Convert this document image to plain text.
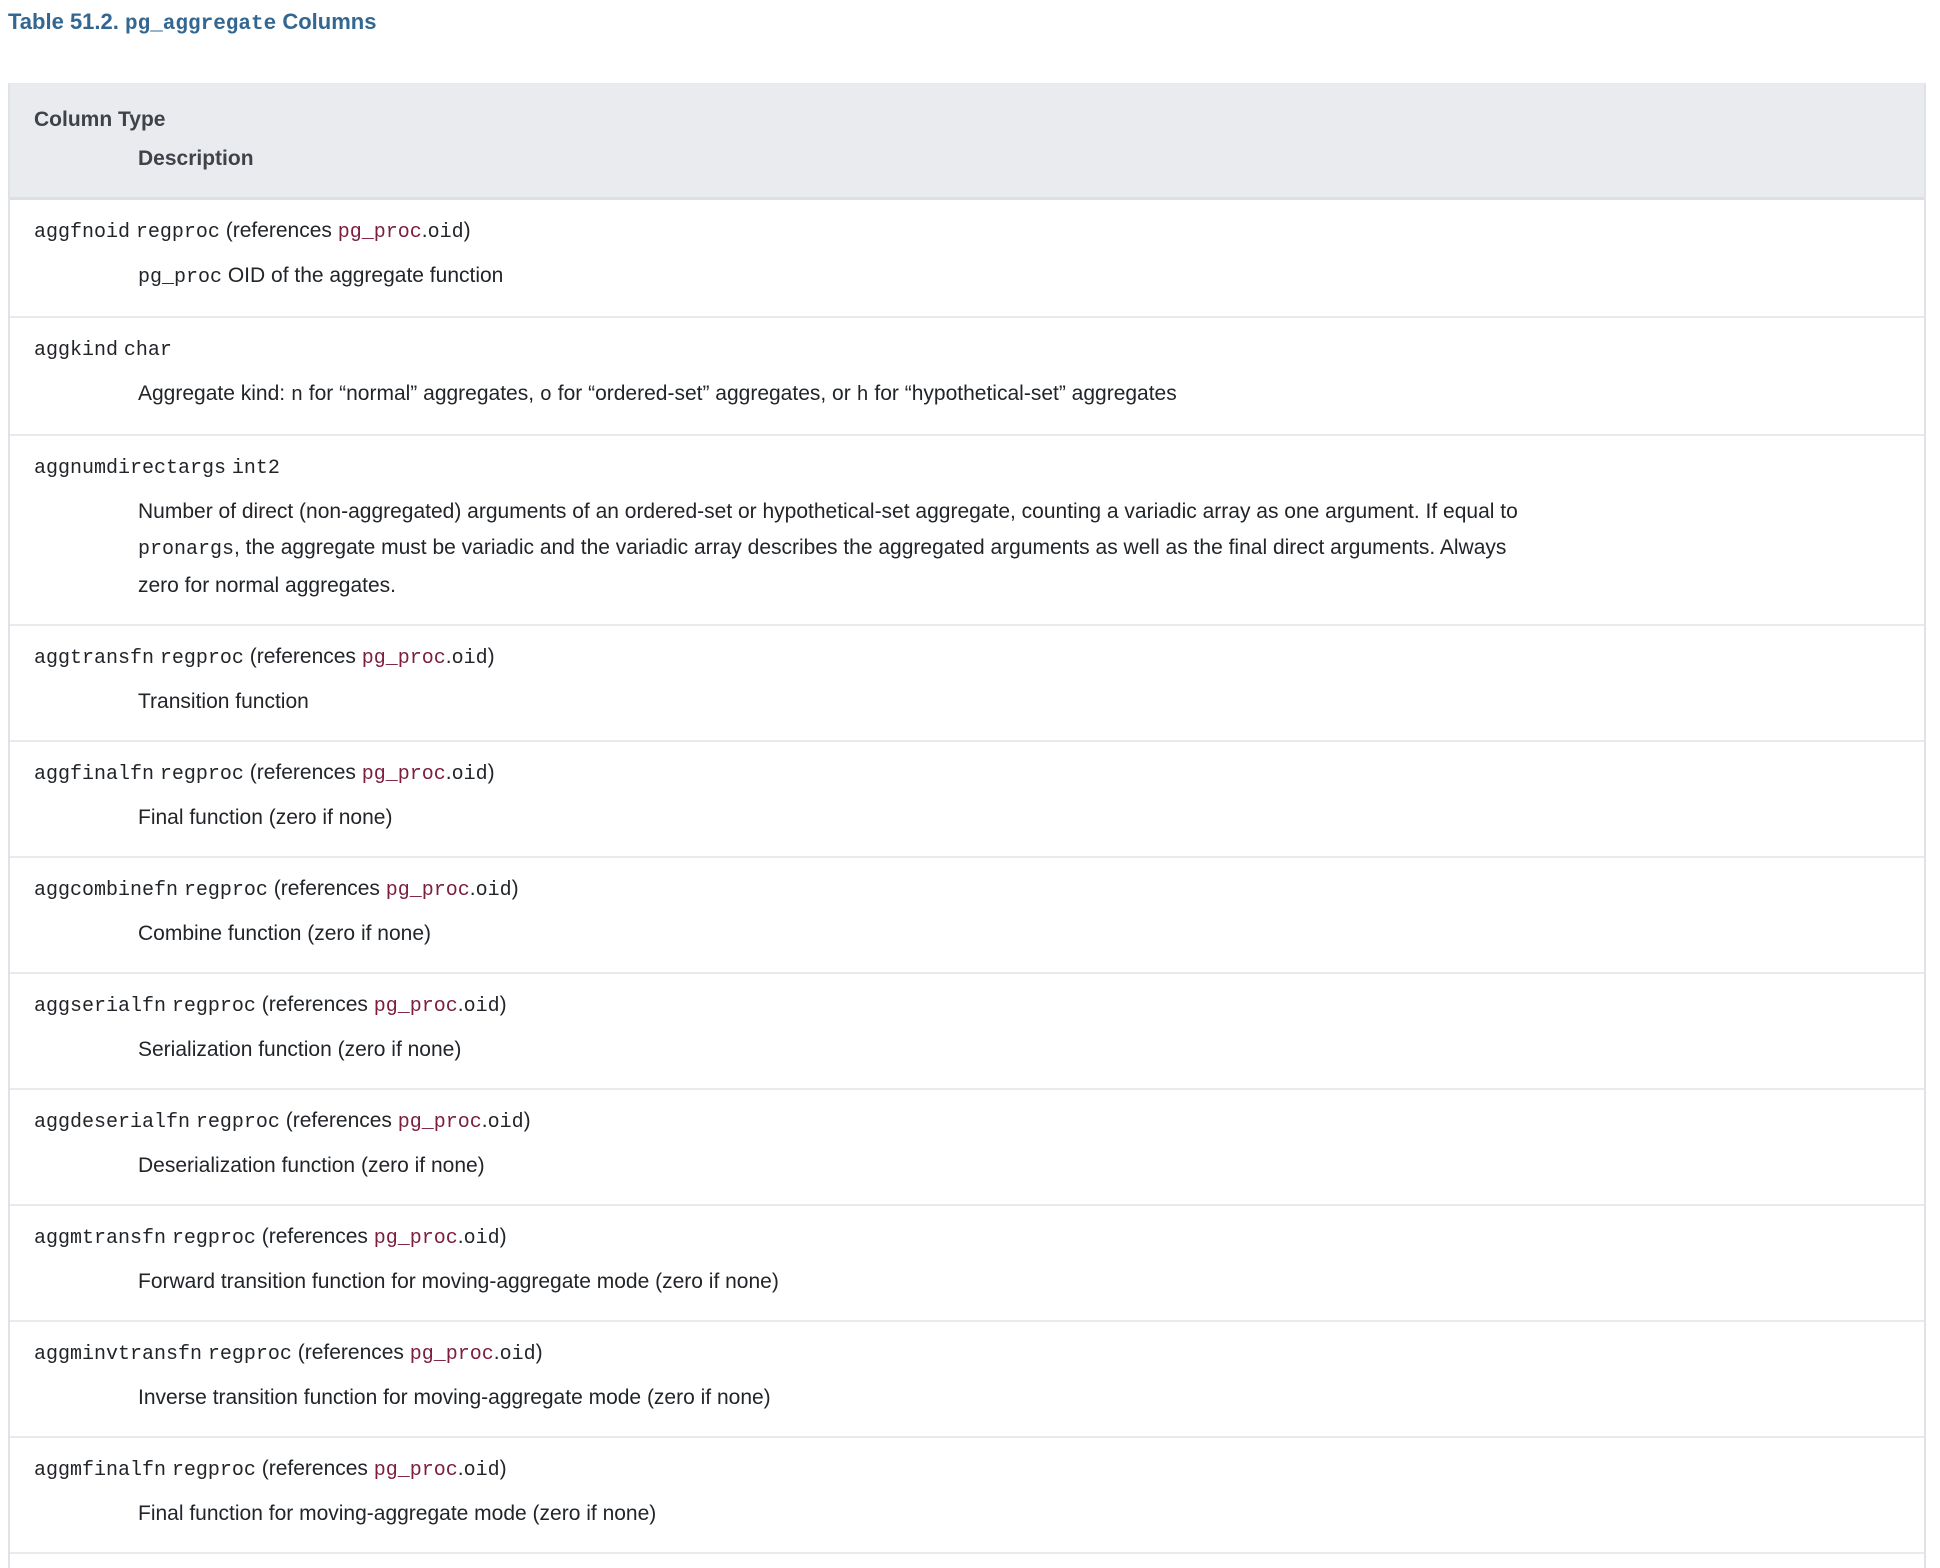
Table 51.2. pg_aggregate Columns

Column Type
Description
aggfnoid regproc (references pg_proc.oid)
pg_proc OID of the aggregate function
aggkind char
Aggregate kind: n for “normal” aggregates, o for “ordered-set” aggregates, or h for “hypothetical-set” aggregates
aggnumdirectargs int2
Number of direct (non-aggregated) arguments of an ordered-set or hypothetical-set aggregate, counting a variadic array as one argument. If equal to pronargs, the aggregate must be variadic and the variadic array describes the aggregated arguments as well as the final direct arguments. Always zero for normal aggregates.
aggtransfn regproc (references pg_proc.oid)
Transition function
aggfinalfn regproc (references pg_proc.oid)
Final function (zero if none)
aggcombinefn regproc (references pg_proc.oid)
Combine function (zero if none)
aggserialfn regproc (references pg_proc.oid)
Serialization function (zero if none)
aggdeserialfn regproc (references pg_proc.oid)
Deserialization function (zero if none)
aggmtransfn regproc (references pg_proc.oid)
Forward transition function for moving-aggregate mode (zero if none)
aggminvtransfn regproc (references pg_proc.oid)
Inverse transition function for moving-aggregate mode (zero if none)
aggmfinalfn regproc (references pg_proc.oid)
Final function for moving-aggregate mode (zero if none)
